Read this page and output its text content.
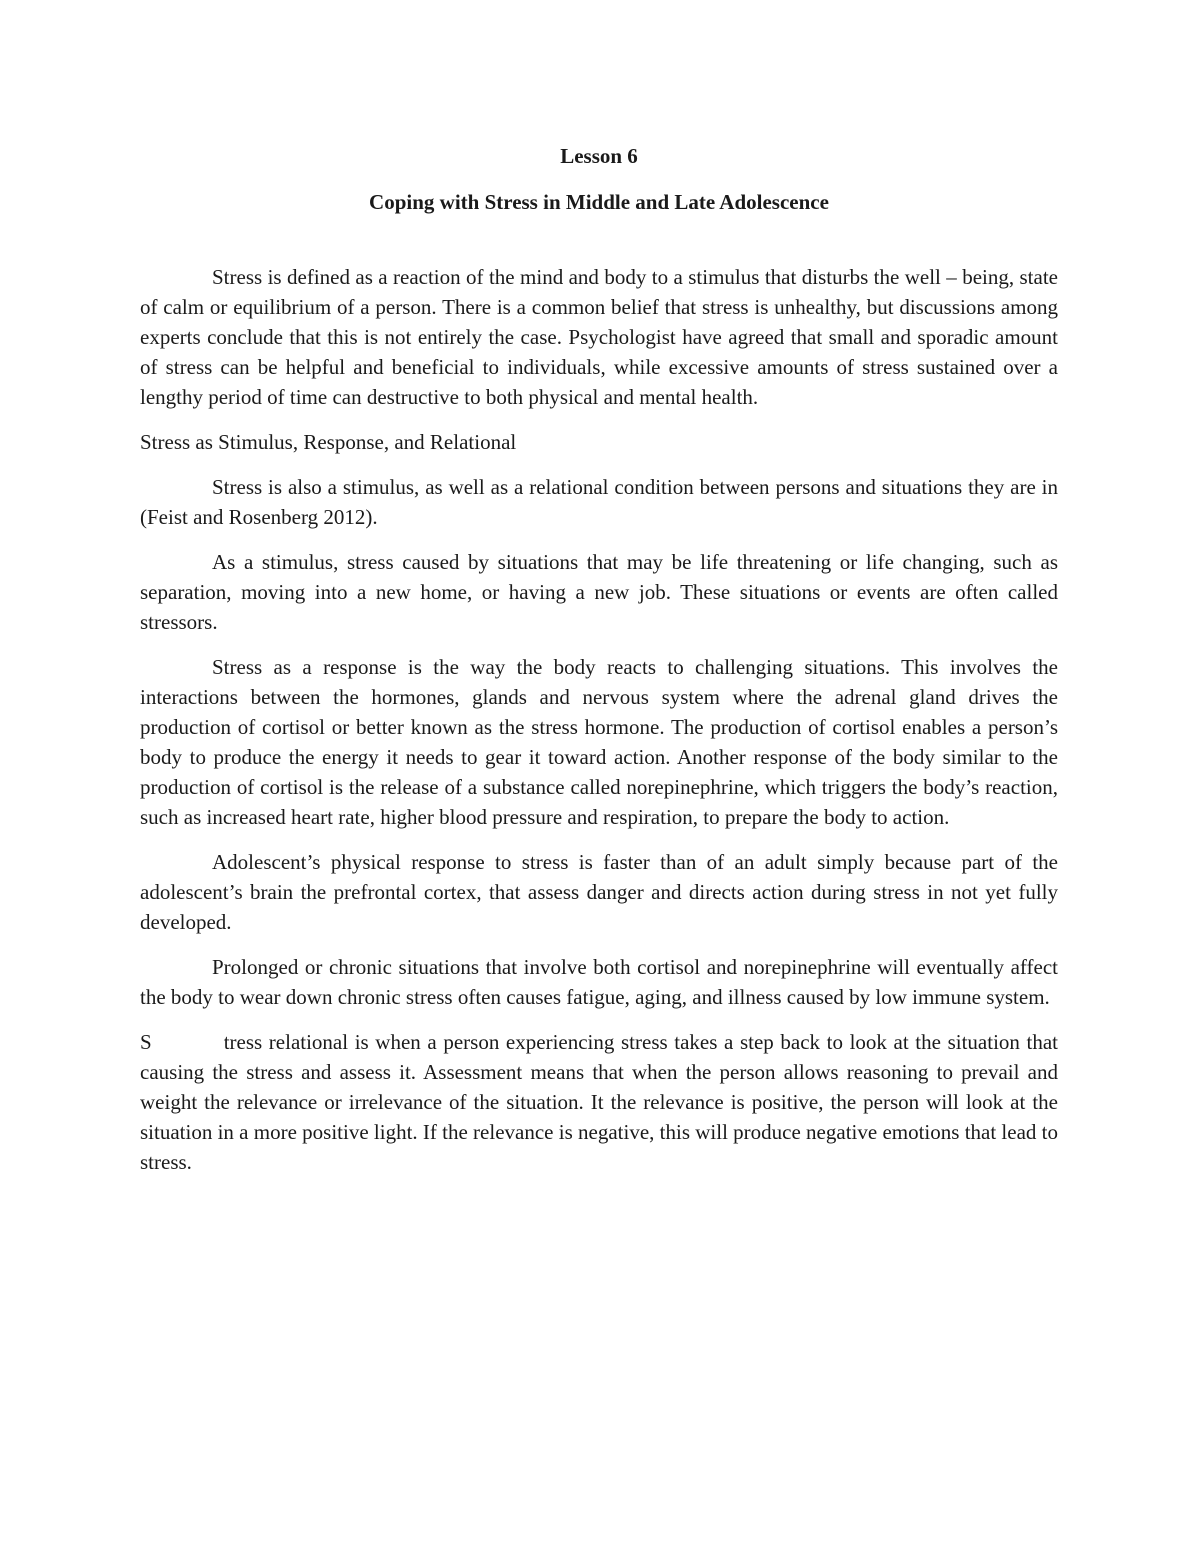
Lesson 6
Coping with Stress in Middle and Late Adolescence

Stress is defined as a reaction of the mind and body to a stimulus that disturbs the well – being, state of calm or equilibrium of a person. There is a common belief that stress is unhealthy, but discussions among experts conclude that this is not entirely the case. Psychologist have agreed that small and sporadic amount of stress can be helpful and beneficial to individuals, while excessive amounts of stress sustained over a lengthy period of time can destructive to both physical and mental health.

Stress as Stimulus, Response, and Relational

Stress is also a stimulus, as well as a relational condition between persons and situations they are in (Feist and Rosenberg 2012).

As a stimulus, stress caused by situations that may be life threatening or life changing, such as separation, moving into a new home, or having a new job. These situations or events are often called stressors.

Stress as a response is the way the body reacts to challenging situations. This involves the interactions between the hormones, glands and nervous system where the adrenal gland drives the production of cortisol or better known as the stress hormone. The production of cortisol enables a person’s body to produce the energy it needs to gear it toward action. Another response of the body similar to the production of cortisol is the release of a substance called norepinephrine, which triggers the body’s reaction, such as increased heart rate, higher blood pressure and respiration, to prepare the body to action.

Adolescent’s physical response to stress is faster than of an adult simply because part of the adolescent’s brain the prefrontal cortex, that assess danger and directs action during stress in not yet fully developed.

Prolonged or chronic situations that involve both cortisol and norepinephrine will eventually affect the body to wear down chronic stress often causes fatigue, aging, and illness caused by low immune system.

S	tress relational is when a person experiencing stress takes a step back to look at the situation that causing the stress and assess it. Assessment means that when the person allows reasoning to prevail and weight the relevance or irrelevance of the situation. It the relevance is positive, the person will look at the situation in a more positive light. If the relevance is negative, this will produce negative emotions that lead to stress.
